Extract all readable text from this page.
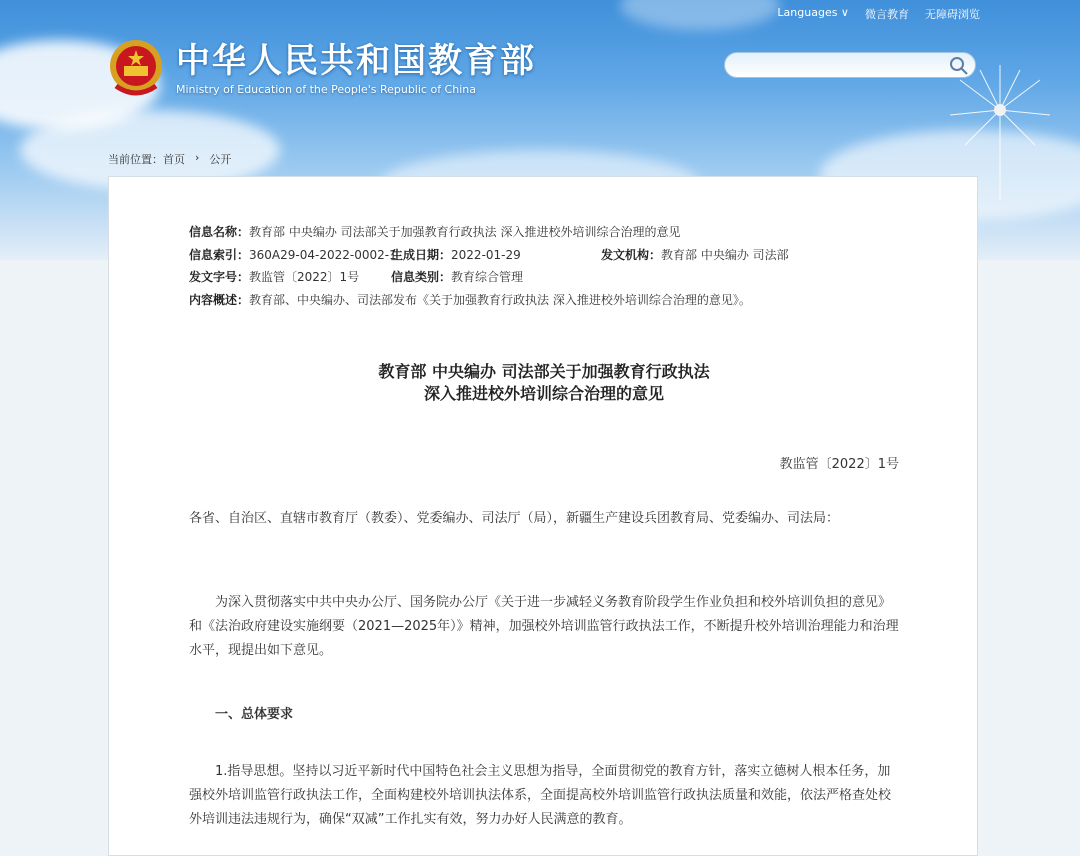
Languages ∨ 微言教育 无障碍浏览
中华人民共和国教育部
Ministry of Education of the People's Republic of China
当前位置： 首页 › 公开
信息名称： 教育部 中央编办 司法部关于加强教育行政执法 深入推进校外培训综合治理的意见
信息索引： 360A29-04-2022-0002-1
生成日期： 2022-01-29	发文机构： 教育部 中央编办 司法部
发文字号： 教监管〔2022〕1号	信息类别： 教育综合管理
内容概述： 教育部、中央编办、司法部发布《关于加强教育行政执法 深入推进校外培训综合治理的意见》。
教育部 中央编办 司法部关于加强教育行政执法
深入推进校外培训综合治理的意见
教监管〔2022〕1号
各省、自治区、直辖市教育厅（教委）、党委编办、司法厅（局），新疆生产建设兵团教育局、党委编办、司法局：
为深入贯彻落实中共中央办公厅、国务院办公厅《关于进一步减轻义务教育阶段学生作业负担和校外培训负担的意见》和《法治政府建设实施纲要（2021—2025年）》精神，加强校外培训监管行政执法工作，不断提升校外培训治理能力和治理水平，现提出如下意见。
一、总体要求
1.指导思想。坚持以习近平新时代中国特色社会主义思想为指导，全面贯彻党的教育方针，落实立德树人根本任务，加强校外培训监管行政执法工作，全面构建校外培训执法体系，全面提高校外培训监管行政执法质量和效能，依法严格查处校外培训违法违规行为，确保“双减”工作扎实有效，努力办好人民满意的教育。
